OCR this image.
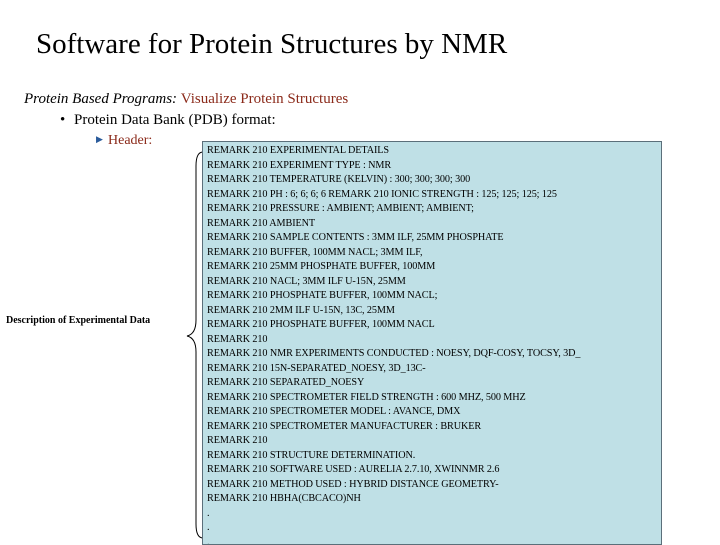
Software for Protein Structures by NMR
Protein Based Programs: Visualize Protein Structures
• Protein Data Bank (PDB) format:
▶ Header:
Description of Experimental Data
REMARK 210 EXPERIMENTAL DETAILS
REMARK 210 EXPERIMENT TYPE : NMR
REMARK 210 TEMPERATURE (KELVIN) : 300; 300; 300; 300
REMARK 210 PH : 6; 6; 6; 6 REMARK 210 IONIC STRENGTH : 125; 125; 125; 125
REMARK 210 PRESSURE : AMBIENT; AMBIENT; AMBIENT;
REMARK 210 AMBIENT
REMARK 210 SAMPLE CONTENTS : 3MM ILF, 25MM PHOSPHATE
REMARK 210 BUFFER, 100MM NACL; 3MM ILF,
REMARK 210 25MM PHOSPHATE BUFFER, 100MM
REMARK 210 NACL; 3MM ILF U-15N, 25MM
REMARK 210 PHOSPHATE BUFFER, 100MM NACL;
REMARK 210 2MM ILF U-15N, 13C, 25MM
REMARK 210 PHOSPHATE BUFFER, 100MM NACL
REMARK 210
REMARK 210 NMR EXPERIMENTS CONDUCTED : NOESY, DQF-COSY, TOCSY, 3D_
REMARK 210 15N-SEPARATED_NOESY, 3D_13C-
REMARK 210 SEPARATED_NOESY
REMARK 210 SPECTROMETER FIELD STRENGTH : 600 MHZ, 500 MHZ
REMARK 210 SPECTROMETER MODEL : AVANCE, DMX
REMARK 210 SPECTROMETER MANUFACTURER : BRUKER
REMARK 210
REMARK 210 STRUCTURE DETERMINATION.
REMARK 210 SOFTWARE USED : AURELIA 2.7.10, XWINNMR 2.6
REMARK 210 METHOD USED : HYBRID DISTANCE GEOMETRY-
REMARK 210 HBHA(CBCACO)NH
.
.
.
